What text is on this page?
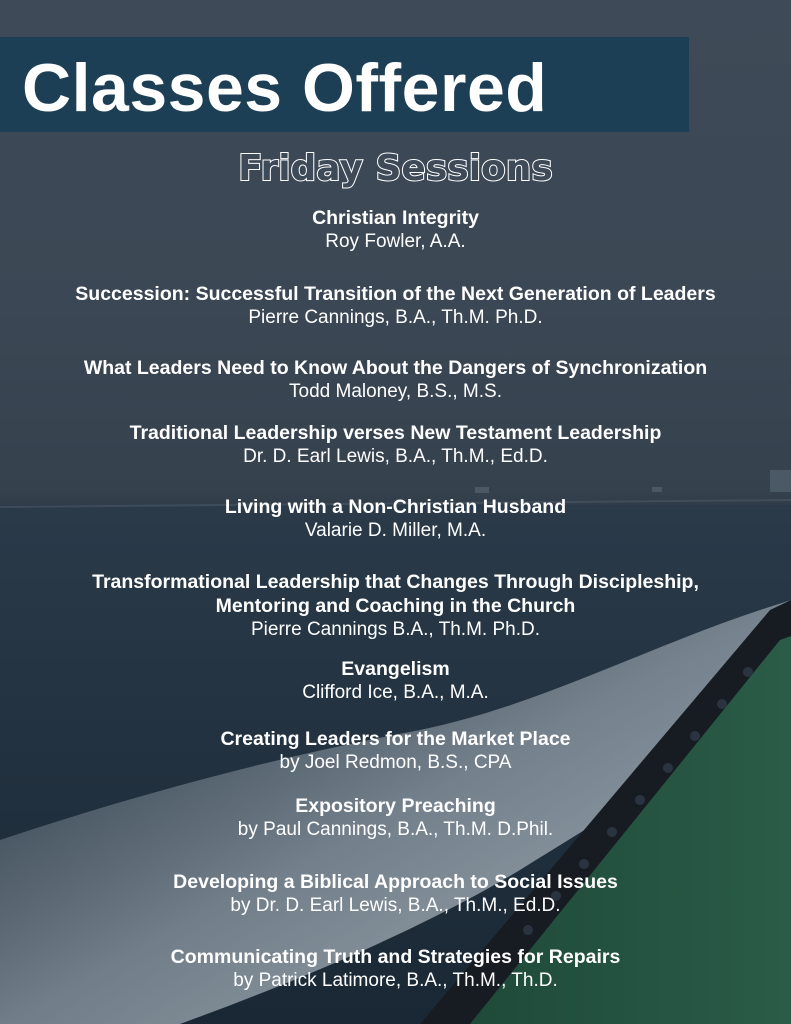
Classes Offered
Friday Sessions
Christian Integrity
Roy Fowler, A.A.
Succession: Successful Transition of the Next Generation of Leaders
Pierre Cannings, B.A., Th.M. Ph.D.
What Leaders Need to Know About the Dangers of Synchronization
Todd Maloney, B.S., M.S.
Traditional Leadership verses New Testament Leadership
Dr. D. Earl Lewis, B.A., Th.M., Ed.D.
Living with a Non-Christian Husband
Valarie D. Miller, M.A.
Transformational Leadership that Changes Through Discipleship,
Mentoring and Coaching in the Church
Pierre Cannings B.A., Th.M. Ph.D.
Evangelism
Clifford Ice, B.A., M.A.
Creating Leaders for the Market Place
by Joel Redmon, B.S., CPA
Expository Preaching
by Paul Cannings, B.A., Th.M. D.Phil.
Developing a Biblical Approach to Social Issues
by Dr. D. Earl Lewis, B.A., Th.M., Ed.D.
Communicating Truth and Strategies for Repairs
by Patrick Latimore, B.A., Th.M., Th.D.
